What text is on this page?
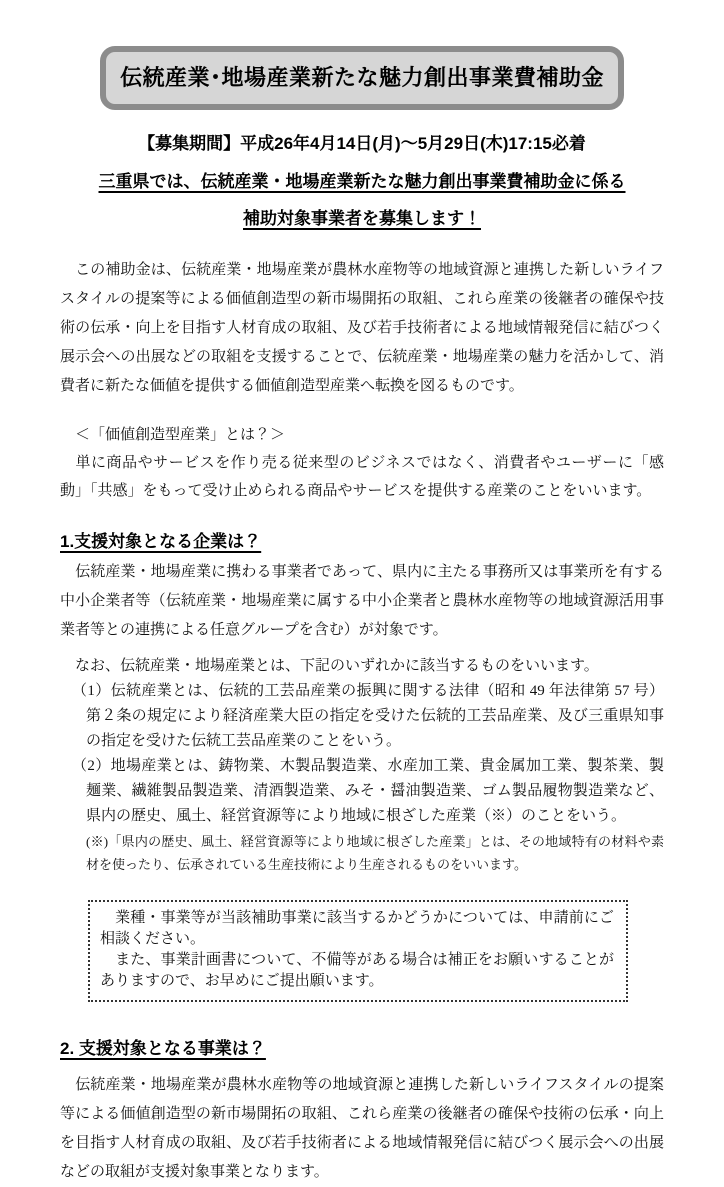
伝統産業･地場産業新たな魅力創出事業費補助金
【募集期間】平成26年4月14日(月)～5月29日(木)17:15必着
三重県では、伝統産業・地場産業新たな魅力創出事業費補助金に係る
補助対象事業者を募集します！

　この補助金は、伝統産業・地場産業が農林水産物等の地域資源と連携した新しいライフスタイルの提案等による価値創造型の新市場開拓の取組、これら産業の後継者の確保や技術の伝承・向上を目指す人材育成の取組、及び若手技術者による地域情報発信に結びつく展示会への出展などの取組を支援することで、伝統産業・地場産業の魅力を活かして、消費者に新たな価値を提供する価値創造型産業へ転換を図るものです。

　＜「価値創造型産業」とは？＞

　単に商品やサービスを作り売る従来型のビジネスではなく、消費者やユーザーに「感動」「共感」をもって受け止められる商品やサービスを提供する産業のことをいいます。

1.支援対象となる企業は？

　伝統産業・地場産業に携わる事業者であって、県内に主たる事務所又は事業所を有する中小企業者等（伝統産業・地場産業に属する中小企業者と農林水産物等の地域資源活用事業者等との連携による任意グループを含む）が対象です。

　なお、伝統産業・地場産業とは、下記のいずれかに該当するものをいいます。

（1）伝統産業とは、伝統的工芸品産業の振興に関する法律（昭和 49 年法律第 57 号）第２条の規定により経済産業大臣の指定を受けた伝統的工芸品産業、及び三重県知事の指定を受けた伝統工芸品産業のことをいう。

（2）地場産業とは、鋳物業、木製品製造業、水産加工業、貴金属加工業、製茶業、製麺業、繊維製品製造業、清酒製造業、みそ・醤油製造業、ゴム製品履物製造業など、県内の歴史、風土、経営資源等により地域に根ざした産業（※）のことをいう。

(※)「県内の歴史、風土、経営資源等により地域に根ざした産業」とは、その地域特有の材料や素材を使ったり、伝承されている生産技術により生産されるものをいいます。

　業種・事業等が当該補助事業に該当するかどうかについては、申請前にご相談ください。

　また、事業計画書について、不備等がある場合は補正をお願いすることがありますので、お早めにご提出願います。

2. 支援対象となる事業は？

　伝統産業・地場産業が農林水産物等の地域資源と連携した新しいライフスタイルの提案等による価値創造型の新市場開拓の取組、これら産業の後継者の確保や技術の伝承・向上を目指す人材育成の取組、及び若手技術者による地域情報発信に結びつく展示会への出展などの取組が支援対象事業となります。
